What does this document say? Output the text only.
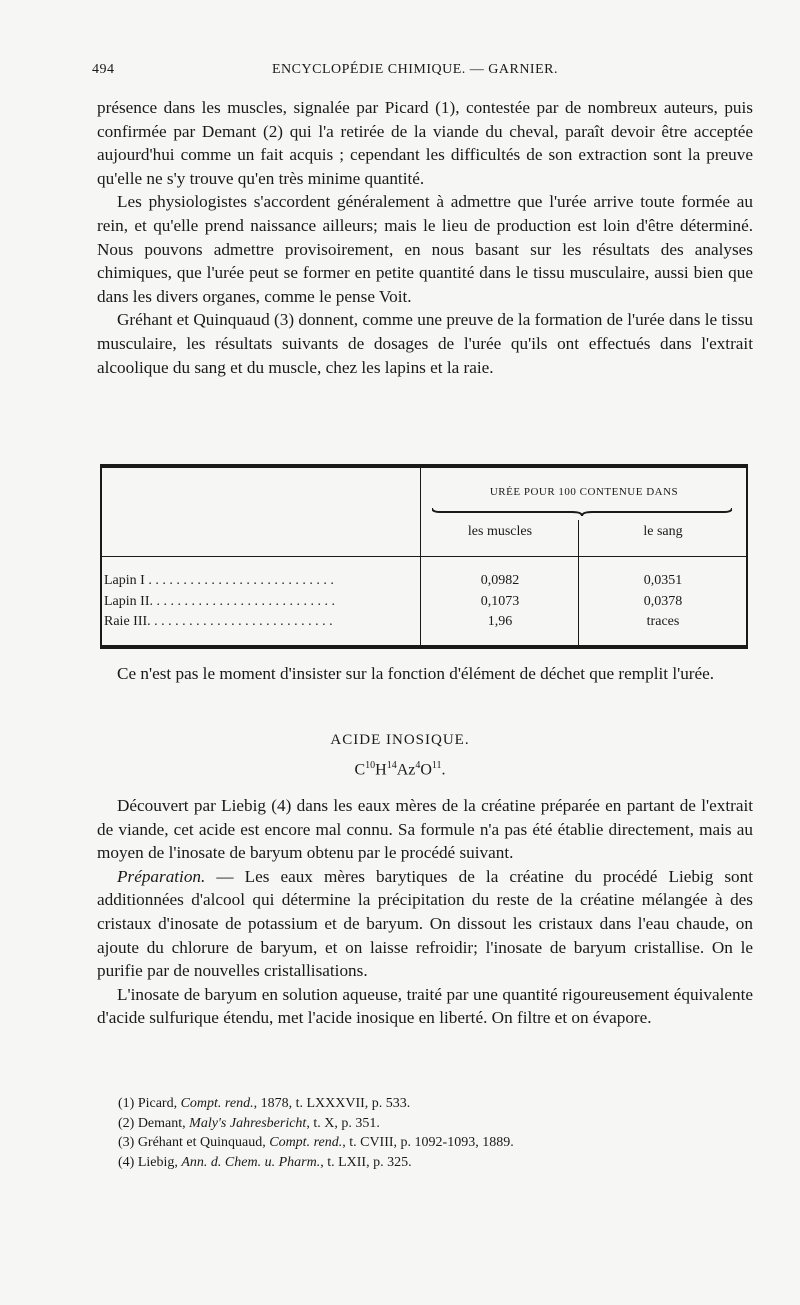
494	ENCYCLOPÉDIE CHIMIQUE. — GARNIER.

présence dans les muscles, signalée par Picard (1), contestée par de nombreux auteurs, puis confirmée par Demant (2) qui l'a retirée de la viande du cheval, paraît devoir être acceptée aujourd'hui comme un fait acquis ; cependant les difficultés de son extraction sont la preuve qu'elle ne s'y trouve qu'en très minime quantité.

Les physiologistes s'accordent généralement à admettre que l'urée arrive toute formée au rein, et qu'elle prend naissance ailleurs; mais le lieu de production est loin d'être déterminé. Nous pouvons admettre provisoirement, en nous basant sur les résultats des analyses chimiques, que l'urée peut se former en petite quantité dans le tissu musculaire, aussi bien que dans les divers organes, comme le pense Voit.

Gréhant et Quinquaud (3) donnent, comme une preuve de la formation de l'urée dans le tissu musculaire, les résultats suivants de dosages de l'urée qu'ils ont effectués dans l'extrait alcoolique du sang et du muscle, chez les lapins et la raie.

URÉE POUR 100 CONTENUE DANS
les muscles	le sang
Lapin I . . . . . . . . . . . . . . . . . . . . . . . . . . .	0,0982	0,0351
Lapin II. . . . . . . . . . . . . . . . . . . . . . . . . . .	0,1073	0,0378
Raie III. . . . . . . . . . . . . . . . . . . . . . . . . . .	1,96	traces

Ce n'est pas le moment d'insister sur la fonction d'élément de déchet que remplit l'urée.

ACIDE INOSIQUE.
$C^{10}H^{14}Az^4O^{11}$.

Découvert par Liebig (4) dans les eaux mères de la créatine préparée en partant de l'extrait de viande, cet acide est encore mal connu. Sa formule n'a pas été établie directement, mais au moyen de l'inosate de baryum obtenu par le procédé suivant.

Préparation. — Les eaux mères barytiques de la créatine du procédé Liebig sont additionnées d'alcool qui détermine la précipitation du reste de la créatine mélangée à des cristaux d'inosate de potassium et de baryum. On dissout les cristaux dans l'eau chaude, on ajoute du chlorure de baryum, et on laisse refroidir; l'inosate de baryum cristallise. On le purifie par de nouvelles cristallisations.

L'inosate de baryum en solution aqueuse, traité par une quantité rigoureusement équivalente d'acide sulfurique étendu, met l'acide inosique en liberté. On filtre et on évapore.

(1) Picard, Compt. rend., 1878, t. LXXXVII, p. 533.
(2) Demant, Maly's Jahresbericht, t. X, p. 351.
(3) Gréhant et Quinquaud, Compt. rend., t. CVIII, p. 1092-1093, 1889.
(4) Liebig, Ann. d. Chem. u. Pharm., t. LXII, p. 325.
